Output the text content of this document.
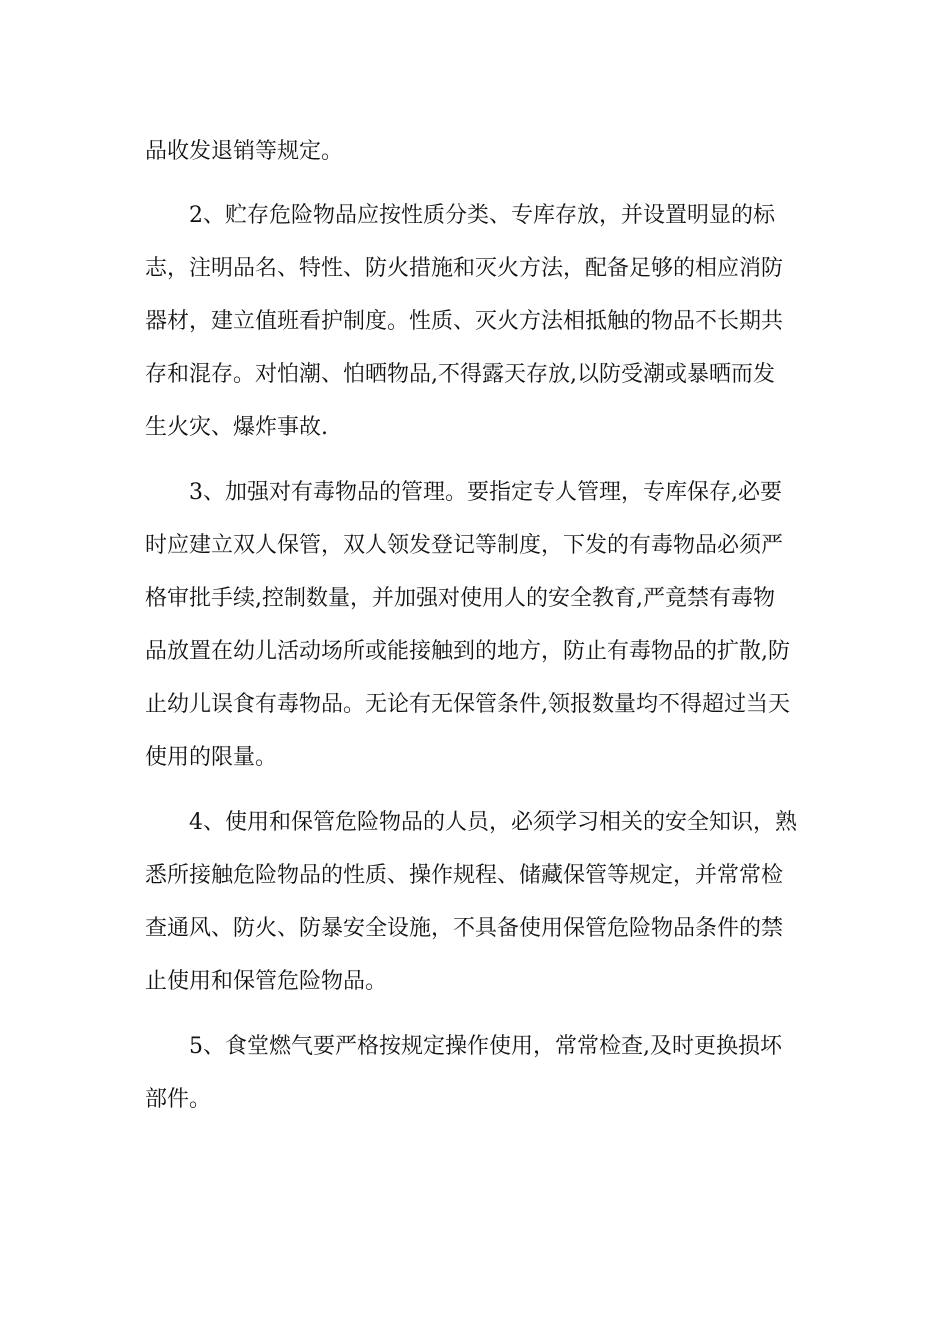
品收发退销等规定。
2、贮存危险物品应按性质分类、专库存放，并设置明显的标
志，注明品名、特性、防火措施和灭火方法，配备足够的相应消防
器材，建立值班看护制度。性质、灭火方法相抵触的物品不长期共
存和混存。对怕潮、怕晒物品,不得露天存放,以防受潮或暴晒而发
生火灾、爆炸事故.
3、加强对有毒物品的管理。要指定专人管理，专库保存,必要
时应建立双人保管，双人领发登记等制度，下发的有毒物品必须严
格审批手续,控制数量，并加强对使用人的安全教育,严竟禁有毒物
品放置在幼儿活动场所或能接触到的地方，防止有毒物品的扩散,防
止幼儿误食有毒物品。无论有无保管条件,领报数量均不得超过当天
使用的限量。
4、使用和保管危险物品的人员，必须学习相关的安全知识，熟
悉所接触危险物品的性质、操作规程、储藏保管等规定，并常常检
查通风、防火、防暴安全设施，不具备使用保管危险物品条件的禁
止使用和保管危险物品。
5、食堂燃气要严格按规定操作使用，常常检查,及时更换损坏
部件。
